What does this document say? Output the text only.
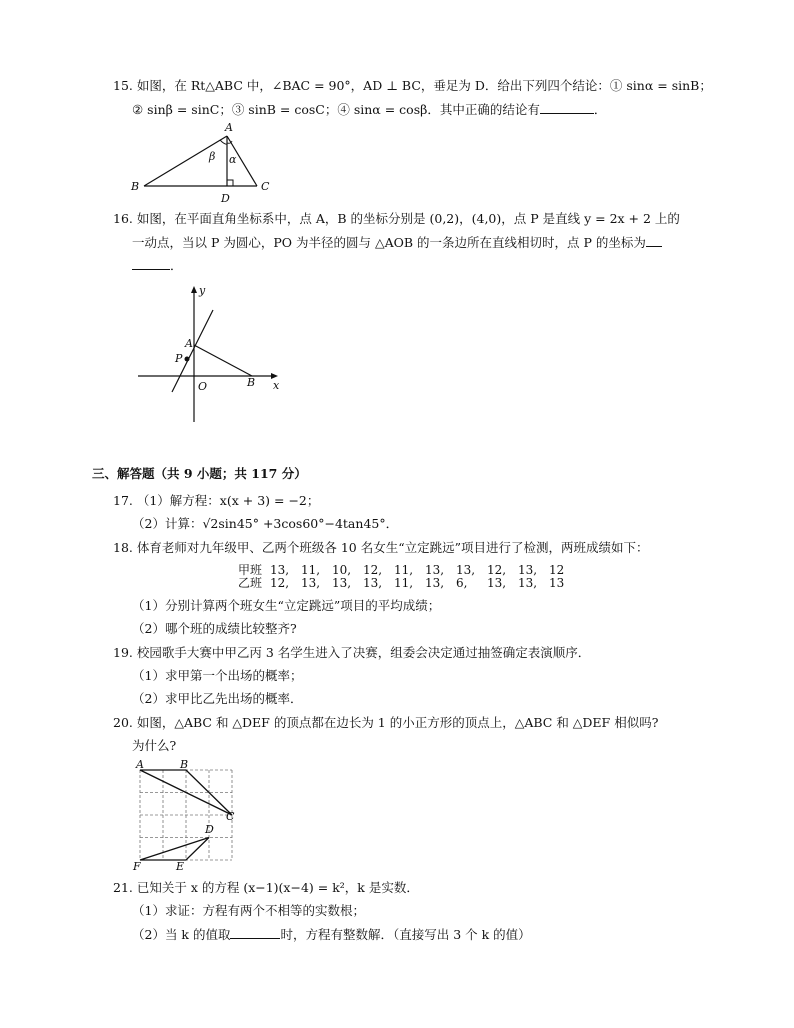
15. 如图，在 Rt△ABC 中，∠BAC = 90°，AD ⊥ BC，垂足为 D．给出下列四个结论：① sinα = sinB；
② sinβ = sinC；③ sinB = cosC；④ sinα = cosβ．其中正确的结论有	．
A
B	C
D
β α
16. 如图，在平面直角坐标系中，点 A，B 的坐标分别是 (0,2)，(4,0)，点 P 是直线 y = 2x + 2 上的
一动点，当以 P 为圆心，PO 为半径的圆与 △AOB 的一条边所在直线相切时，点 P 的坐标为
．
y
x
A
P
O	B
三、解答题（共 9 小题；共 117 分）
17. （1）解方程：x(x + 3) = −2；
（2）计算：√2sin45° +3cos60°−4tan45°．
18. 体育老师对九年级甲、乙两个班级各 10 名女生“立定跳远”项目进行了检测，两班成绩如下：
甲班 13, 11, 10, 12, 11, 13, 13, 12, 13, 12
乙班 12, 13, 13, 13, 11, 13, 6, 13, 13, 13
（1）分别计算两个班女生“立定跳远”项目的平均成绩；
（2）哪个班的成绩比较整齐?
19. 校园歌手大赛中甲乙丙 3 名学生进入了决赛，组委会决定通过抽签确定表演顺序．
（1）求甲第一个出场的概率；
（2）求甲比乙先出场的概率．
20. 如图，△ABC 和 △DEF 的顶点都在边长为 1 的小正方形的顶点上，△ABC 和 △DEF 相似吗?
为什么?
A	B
C
D
E
F
21. 已知关于 x 的方程 (x−1)(x−4) = k²，k 是实数．
（1）求证：方程有两个不相等的实数根；
（2）当 k 的值取	时，方程有整数解．（直接写出 3 个 k 的值）
